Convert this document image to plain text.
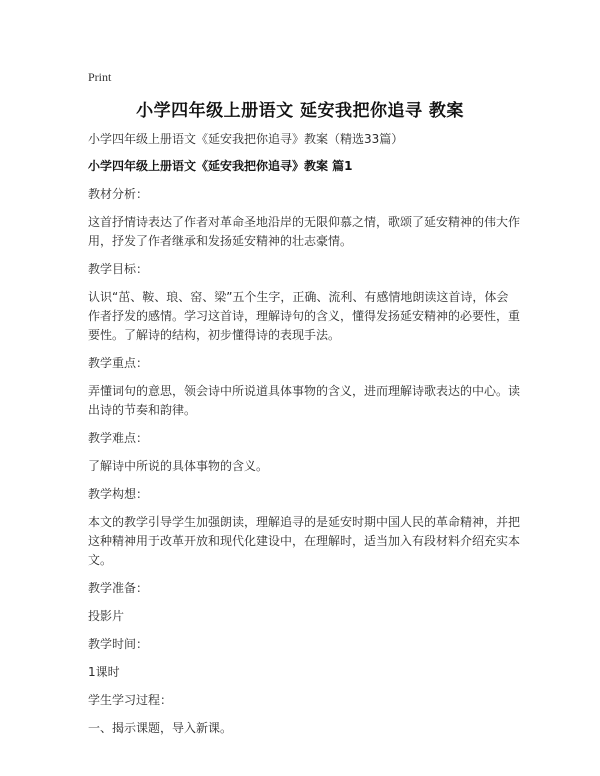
Print
小学四年级上册语文 延安我把你追寻 教案

小学四年级上册语文《延安我把你追寻》教案（精选33篇）

小学四年级上册语文《延安我把你追寻》教案 篇1

教材分析：

这首抒情诗表达了作者对革命圣地沿岸的无限仰慕之情，歌颂了延安精神的伟大作用，抒发了作者继承和发扬延安精神的壮志豪情。

教学目标：

认识“茁、鞍、琅、窑、梁”五个生字，正确、流利、有感情地朗读这首诗，体会作者抒发的感情。学习这首诗，理解诗句的含义，懂得发扬延安精神的必要性，重要性。了解诗的结构，初步懂得诗的表现手法。

教学重点：

弄懂词句的意思，领会诗中所说道具体事物的含义，进而理解诗歌表达的中心。读出诗的节奏和韵律。

教学难点：

了解诗中所说的具体事物的含义。

教学构想：

本文的教学引导学生加强朗读，理解追寻的是延安时期中国人民的革命精神，并把这种精神用于改革开放和现代化建设中，在理解时，适当加入有段材料介绍充实本文。

教学准备：

投影片

教学时间：

1课时

学生学习过程：

一、揭示课题，导入新课。
